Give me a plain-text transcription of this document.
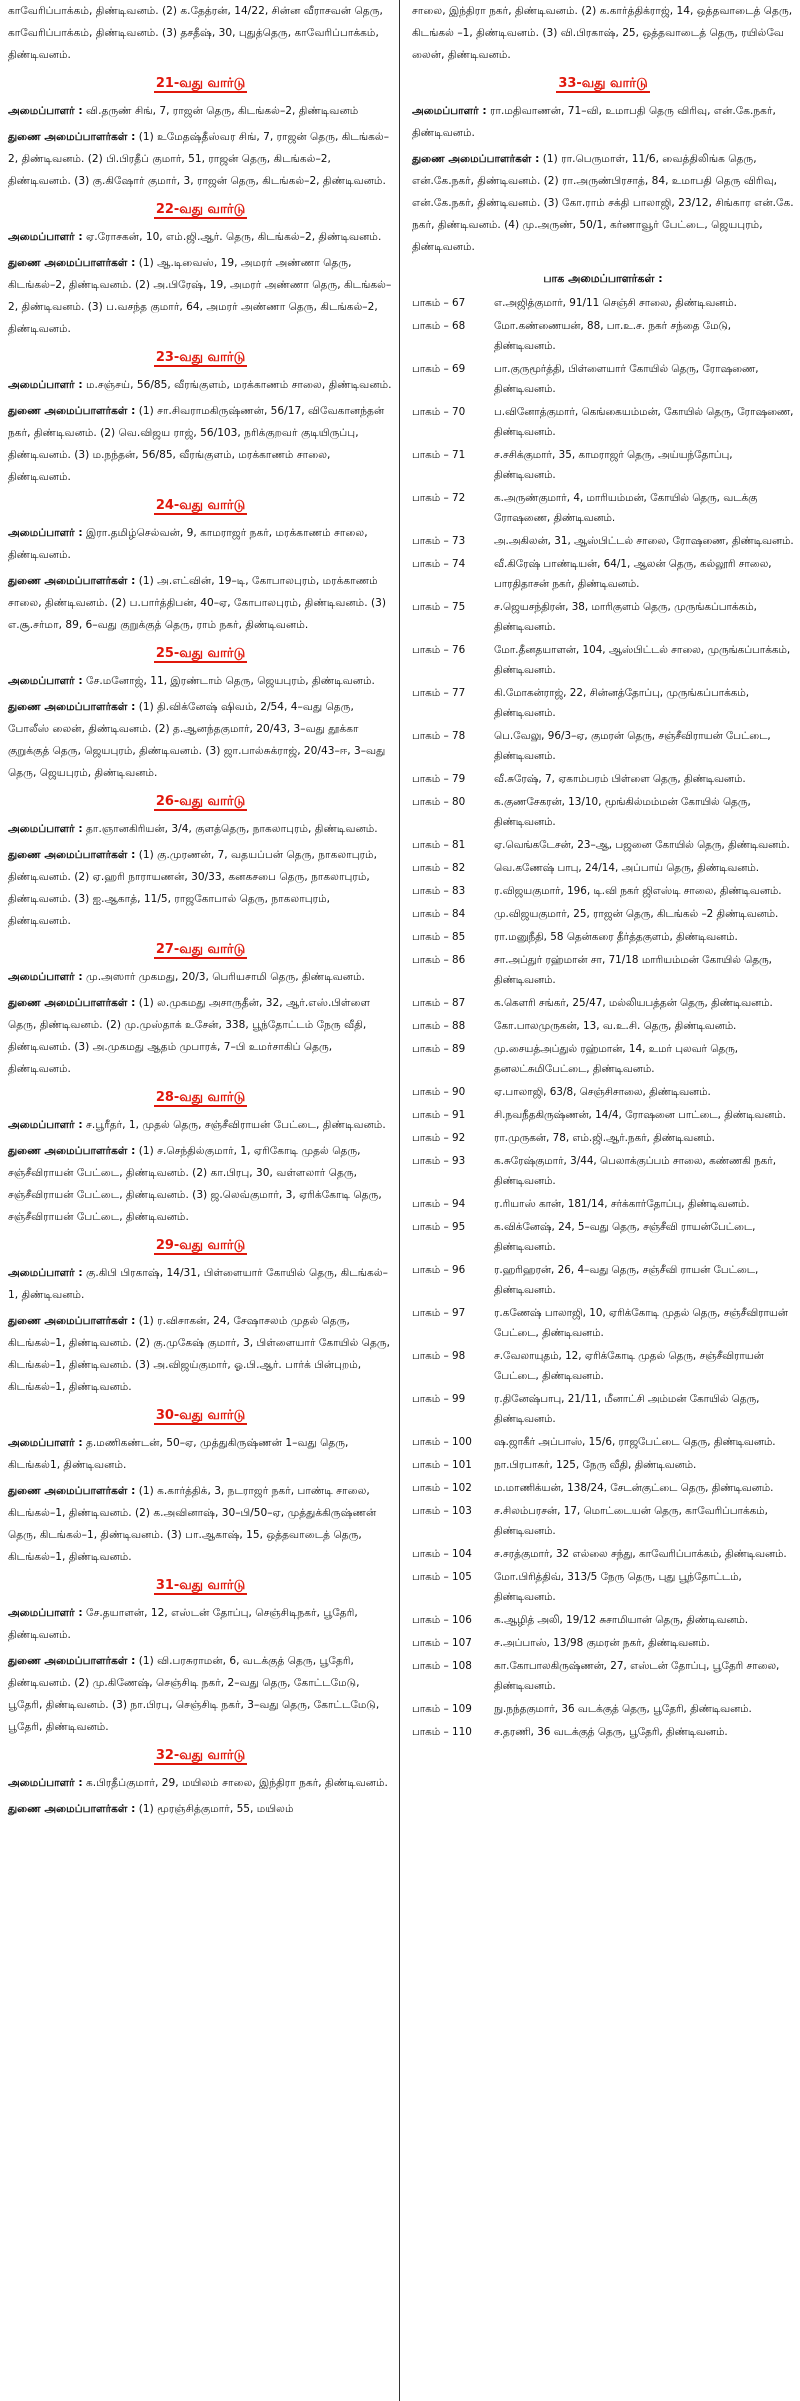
காவேரிப்பாக்கம், திண்டிவனம். (2) க.தேத்ரன், 14/22, சின்ன வீராசவன் தெரு, காவேரிப்பாக்கம், திண்டிவனம். (3) தசதீஷ், 30, புதுத்தெரு, காவேரிப்பாக்கம், திண்டிவனம்.

21-வது வார்டு

அமைப்பாளர் : வி.தருண் சிங், 7, ராஜன் தெரு, கிடங்கல்–2, திண்டிவனம்

துணை அமைப்பாளர்கள் : (1) உமேதஷ்தீஸ்வர சிங், 7, ராஜன் தெரு, கிடங்கல்–2, திண்டிவனம். (2) பி.பிரதீப் குமார், 51, ராஜன் தெரு, கிடங்கல்–2, திண்டிவனம். (3) கு.கிஷோர் குமார், 3, ராஜன் தெரு, கிடங்கல்–2, திண்டிவனம்.

22-வது வார்டு

அமைப்பாளர் : ஏ.ரோசகன், 10, எம்.ஜி.ஆர். தெரு, கிடங்கல்–2, திண்டிவனம்.

துணை அமைப்பாளர்கள் : (1) ஆ.டிவைஸ், 19, அமரர் அண்ணா தெரு, கிடங்கல்–2, திண்டிவனம். (2) அ.பிரேஷ், 19, அமரர் அண்ணா தெரு, கிடங்கல்–2, திண்டிவனம். (3) ப.வசந்த குமார், 64, அமரர் அண்ணா தெரு, கிடங்கல்–2, திண்டிவனம்.

23-வது வார்டு

அமைப்பாளர் : ம.சஞ்சய், 56/85, வீரங்குளம், மரக்காணம் சாலை, திண்டிவனம்.

துணை அமைப்பாளர்கள் : (1) சா.சிவராமகிருஷ்ணன், 56/17, விவேகானந்தன் நகர், திண்டிவனம். (2) வெ.விஜய ராஜ், 56/103, நரிக்குறவர் குடியிருப்பு, திண்டிவனம். (3) ம.நந்தன், 56/85, வீரங்குளம், மரக்காணம் சாலை, திண்டிவனம்.

24-வது வார்டு

அமைப்பாளர் : இரா.தமிழ்செல்வன், 9, காமராஜர் நகர், மரக்காணம் சாலை, திண்டிவனம்.

துணை அமைப்பாளர்கள் : (1) அ.எட்வின், 19–டி, கோபாலபுரம், மரக்காணம் சாலை, திண்டிவனம். (2) ப.பார்த்திபன், 40–ஏ, கோபாலபுரம், திண்டிவனம். (3) எ.சூ.சர்மா, 89, 6–வது குறுக்குத் தெரு, ராம் நகர், திண்டிவனம்.

25-வது வார்டு

அமைப்பாளர் : சே.மனோஜ், 11, இரண்டாம் தெரு, ஜெயபுரம், திண்டிவனம்.

துணை அமைப்பாளர்கள் : (1) தி.விக்னேஷ் ஷிவம், 2/54, 4–வது தெரு, போலீஸ் லைன், திண்டிவனம். (2) த.ஆனந்தகுமார், 20/43, 3–வது தூக்கா குறுக்குத் தெரு, ஜெயபுரம், திண்டிவனம். (3) ஜா.பால்சுக்ராஜ், 20/43–ஈ, 3–வது தெரு, ஜெயபுரம், திண்டிவனம்.

26-வது வார்டு

அமைப்பாளர் : தா.ஞானகிரியன், 3/4, குளத்தெரு, நாகலாபுரம், திண்டிவனம்.

துணை அமைப்பாளர்கள் : (1) கு.முரணன், 7, வதயப்பன் தெரு, நாகலாபுரம், திண்டிவனம். (2) ஏ.ஹரி நாராயணன், 30/33, கனகசபை தெரு, நாகலாபுரம், திண்டிவனம். (3) ஐ.ஆகாத், 11/5, ராஜகோபால் தெரு, நாகலாபுரம், திண்டிவனம்.

27-வது வார்டு

அமைப்பாளர் : மு.அஸார் முகமது, 20/3, பெரியசாமி தெரு, திண்டிவனம்.

துணை அமைப்பாளர்கள் : (1) ல.முகமது அசாருதீன், 32, ஆர்.எஸ்.பிள்ளை தெரு, திண்டிவனம். (2) மு.முஸ்தாக் உசேன், 338, பூந்தோட்டம் நேரு வீதி, திண்டிவனம். (3) அ.முகமது ஆதம் முபாரக், 7–பி உமர்சாகிப் தெரு, திண்டிவனம்.

28-வது வார்டு

அமைப்பாளர் : ச.பூரீதர், 1, முதல் தெரு, சஞ்சீவிராயன் பேட்டை, திண்டிவனம்.

துணை அமைப்பாளர்கள் : (1) ச.செந்தில்குமார், 1, ஏரிகோடி முதல் தெரு, சஞ்சீவிராயன் பேட்டை, திண்டிவனம். (2) கா.பிரபு, 30, வள்ளலார் தெரு, சஞ்சீவிராயன் பேட்டை, திண்டிவனம். (3) ஜ.லெவ்குமார், 3, ஏரிக்கோடி தெரு, சஞ்சீவிராயன் பேட்டை, திண்டிவனம்.

29-வது வார்டு

அமைப்பாளர் : கு.கிபி பிரகாஷ், 14/31, பிள்ளையார் கோயில் தெரு, கிடங்கல்–1, திண்டிவனம்.

துணை அமைப்பாளர்கள் : (1) ர.விசாகன், 24, சேஷாசலம் முதல் தெரு, கிடங்கல்–1, திண்டிவனம். (2) கு.முகேஷ் குமார், 3, பிள்ளையார் கோயில் தெரு, கிடங்கல்–1, திண்டிவனம். (3) அ.விஜய்குமார், ஓ.பி.ஆர். பார்க் பின்புறம், கிடங்கல்–1, திண்டிவனம்.

30-வது வார்டு

அமைப்பாளர் : த.மணிகண்டன், 50–ஏ, முத்துகிருஷ்ணன் 1–வது தெரு, கிடங்கல்1, திண்டிவனம்.

துணை அமைப்பாளர்கள் : (1) க.கார்த்திக், 3, நடராஜர் நகர், பாண்டி சாலை, கிடங்கல்–1, திண்டிவனம். (2) க.அவினாஷ், 30–பி/50–ஏ, முத்துக்கிருஷ்ணன் தெரு, கிடங்கல்–1, திண்டிவனம். (3) பா.ஆகாஷ், 15, ஒத்தவாடைத் தெரு, கிடங்கல்–1, திண்டிவனம்.

31-வது வார்டு

அமைப்பாளர் : சே.தயாளன், 12, எஸ்டன் தோப்பு, செஞ்சிடிநகர், பூதேரி, திண்டிவனம்.

துணை அமைப்பாளர்கள் : (1) வி.பரசுராமன், 6, வடக்குத் தெரு, பூதேரி, திண்டிவனம். (2) மு.கிணேஷ், செஞ்சிடி நகர், 2–வது தெரு, கோட்டமேடு, பூதேரி, திண்டிவனம். (3) நா.பிரபு, செஞ்சிடி நகர், 3–வது தெரு, கோட்டமேடு, பூதேரி, திண்டிவனம்.

32-வது வார்டு

அமைப்பாளர் : க.பிரதீப்குமார், 29, மயிலம் சாலை, இந்திரா நகர், திண்டிவனம்.

துணை அமைப்பாளர்கள் : (1) மூரஞ்சித்குமார், 55, மயிலம்

சாலை, இந்திரா நகர், திண்டிவனம். (2) க.கார்த்திக்ராஜ், 14, ஒத்தவாடைத் தெரு, கிடங்கல் –1, திண்டிவனம். (3) வி.பிரகாஷ், 25, ஒத்தவாடைத் தெரு, ரயில்வே லைன், திண்டிவனம்.

33-வது வார்டு

அமைப்பாளர் : ரா.மதிவாணன், 71–வி, உமாபதி தெரு விரிவு, என்.கே.நகர், திண்டிவனம்.

துணை அமைப்பாளர்கள் : (1) ரா.பெருமாள், 11/6, வைத்திலிங்க தெரு, என்.கே.நகர், திண்டிவனம். (2) ரா.அருண்பிரசாத், 84, உமாபதி தெரு விரிவு, என்.கே.நகர், திண்டிவனம். (3) கோ.ராம் சக்தி பாலாஜி, 23/12, சிங்கார என்.கே. நகர், திண்டிவனம். (4) மு.அருண், 50/1, கர்ணாவூர் பேட்டை, ஜெயபுரம், திண்டிவனம்.

பாக அமைப்பாளர்கள் :
பாகம் – 67	எ.அஜித்குமார், 91/11 செஞ்சி சாலை, திண்டிவனம்.
பாகம் – 68	மோ.கண்ணையன், 88, பா.உ.ச. நகர் சந்தை மேடு, திண்டிவனம்.
பாகம் – 69	பா.குருமூர்த்தி, பிள்ளையார் கோயில் தெரு, ரோஷணை, திண்டிவனம்.
பாகம் – 70	ப.வினோத்குமார், கெங்கையம்மன், கோயில் தெரு, ரோஷணை, திண்டிவனம்.
பாகம் – 71	ச.சசிக்குமார், 35, காமராஜர் தெரு, அய்யந்தோப்பு, திண்டிவனம்.
பாகம் – 72	க.அருண்குமார், 4, மாரியம்மன், கோயில் தெரு, வடக்கு ரோஷணை, திண்டிவனம்.
பாகம் – 73	அ.அகிலன், 31, ஆஸ்பிட்டல் சாலை, ரோஷணை, திண்டிவனம்.
பாகம் – 74	வீ.கிரேஷ் பாண்டியன், 64/1, ஆலன் தெரு, கல்லூரி சாலை, பாரதிதாசன் நகர், திண்டிவனம்.
பாகம் – 75	ச.ஜெயசந்திரன், 38, மாரிகுளம் தெரு, முருங்கப்பாக்கம், திண்டிவனம்.
பாகம் – 76	மோ.தீனதயாளன், 104, ஆஸ்பிட்டல் சாலை, முருங்கப்பாக்கம், திண்டிவனம்.
பாகம் – 77	கி.மோகன்ராஜ், 22, சின்னத்தோப்பு, முருங்கப்பாக்கம், திண்டிவனம்.
பாகம் – 78	பெ.வேலு, 96/3–ஏ, குமரன் தெரு, சஞ்சீவிராயன் பேட்டை, திண்டிவனம்.
பாகம் – 79	வீ.சுரேஷ், 7, ஏகாம்பரம் பிள்ளை தெரு, திண்டிவனம்.
பாகம் – 80	க.குணசேகரன், 13/10, மூங்கில்மம்மன் கோயில் தெரு, திண்டிவனம்.
பாகம் – 81	ஏ.வெங்கடேசன், 23–ஆ, பஜனை கோயில் தெரு, திண்டிவனம்.
பாகம் – 82	வெ.கணேஷ் பாபு, 24/14, அப்பாய் தெரு, திண்டிவனம்.
பாகம் – 83	ர.விஜயகுமார், 196, டி.வி நகர் ஜிஎஸ்டி சாலை, திண்டிவனம்.
பாகம் – 84	மு.விஜயகுமார், 25, ராஜன் தெரு, கிடங்கல் –2 திண்டிவனம்.
பாகம் – 85	ரா.மனுநீதி, 58 தென்கரை தீர்த்தகுளம், திண்டிவனம்.
பாகம் – 86	சா.அப்துர் ரஹ்மான் சா, 71/18 மாரியம்மன் கோயில் தெரு, திண்டிவனம்.
பாகம் – 87	க.கௌரி சங்கர், 25/47, மல்லியபத்தன் தெரு, திண்டிவனம்.
பாகம் – 88	கோ.பாலமுருகன், 13, வ.உ.சி. தெரு, திண்டிவனம்.
பாகம் – 89	மு.சையத்அப்துல் ரஹ்மான், 14, உமர் புலவர் தெரு, தனலட்சுமிபேட்டை, திண்டிவனம்.
பாகம் – 90	ஏ.பாலாஜி, 63/8, செஞ்சிசாலை, திண்டிவனம்.
பாகம் – 91	சி.நவநீதகிருஷ்ணன், 14/4, ரோஷனை பாட்டை, திண்டிவனம்.
பாகம் – 92	ரா.முருகன், 78, எம்.ஜி.ஆர்.நகர், திண்டிவனம்.
பாகம் – 93	க.சுரேஷ்குமார், 3/44, பெலாக்குப்பம் சாலை, கண்ணகி நகர், திண்டிவனம்.
பாகம் – 94	ர.ரியாஸ் கான், 181/14, சர்க்கார்தோப்பு, திண்டிவனம்.
பாகம் – 95	க.விக்னேஷ், 24, 5–வது தெரு, சஞ்சீவி ராயன்பேட்டை, திண்டிவனம்.
பாகம் – 96	ர.ஹரிஹரன், 26, 4–வது தெரு, சஞ்சீவி ராயன் பேட்டை, திண்டிவனம்.
பாகம் – 97	ர.கணேஷ் பாலாஜி, 10, ஏரிக்கோடி முதல் தெரு, சஞ்சீவிராயன் பேட்டை, திண்டிவனம்.
பாகம் – 98	ச.வேலாயுதம், 12, ஏரிக்கோடி முதல் தெரு, சஞ்சீவிராயன் பேட்டை, திண்டிவனம்.
பாகம் – 99	ர.தினேஷ்பாபு, 21/11, மீனாட்சி அம்மன் கோயில் தெரு, திண்டிவனம்.
பாகம் – 100	ஷ.ஜாகீர் அப்பாஸ், 15/6, ராஜபேட்டை தெரு, திண்டிவனம்.
பாகம் – 101	நா.பிரபாகர், 125, நேரு வீதி, திண்டிவனம்.
பாகம் – 102	ம.மாணிக்யன், 138/24, சேடன்குட்டை தெரு, திண்டிவனம்.
பாகம் – 103	ச.சிலம்பரசன், 17, மொட்டையன் தெரு, காவேரிப்பாக்கம், திண்டிவனம்.
பாகம் – 104	ச.சரத்குமார், 32 எல்லை சந்து, காவேரிப்பாக்கம், திண்டிவனம்.
பாகம் – 105	மோ.பிரித்திவ், 313/5 நேரு தெரு, புது பூந்தோட்டம், திண்டிவனம்.
பாகம் – 106	க.ஆழித் அலி, 19/12 சுசாமியான் தெரு, திண்டிவனம்.
பாகம் – 107	ச.அப்பாஸ், 13/98 குமரன் நகர், திண்டிவனம்.
பாகம் – 108	கா.கோபாலகிருஷ்ணன், 27, எஸ்டன் தோப்பு, பூதேரி சாலை, திண்டிவனம்.
பாகம் – 109	நு.நந்தகுமார், 36 வடக்குத் தெரு, பூதேரி, திண்டிவனம்.
பாகம் – 110	ச.தரணி, 36 வடக்குத் தெரு, பூதேரி, திண்டிவனம்.
